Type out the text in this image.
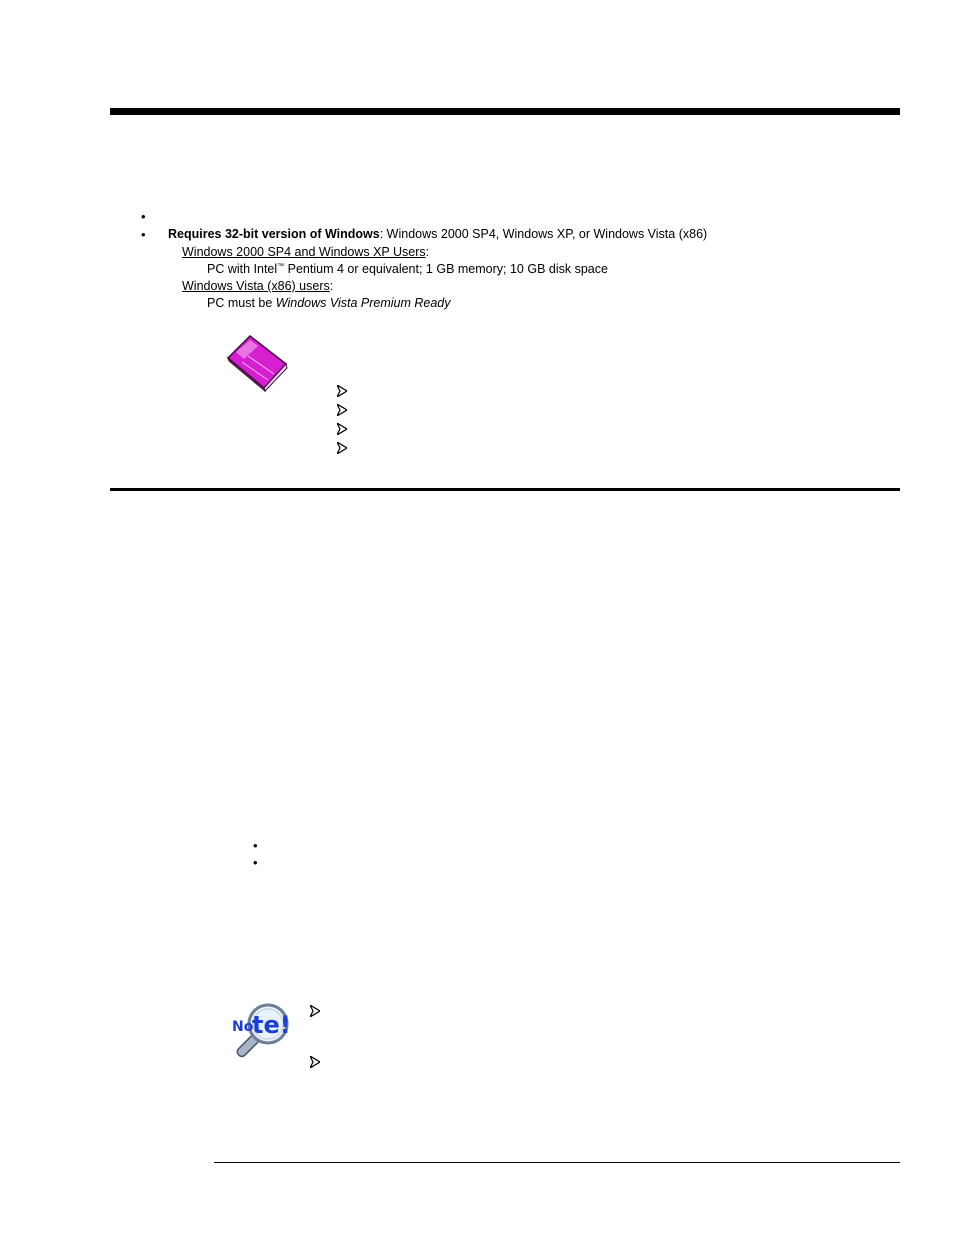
•
• Requires 32-bit version of Windows: Windows 2000 SP4, Windows XP, or Windows Vista (x86)
Windows 2000 SP4 and Windows XP Users:
PC with Intel™ Pentium 4 or equivalent; 1 GB memory; 10 GB disk space
Windows Vista (x86) users:
PC must be Windows Vista Premium Ready
•
•
No
te!
